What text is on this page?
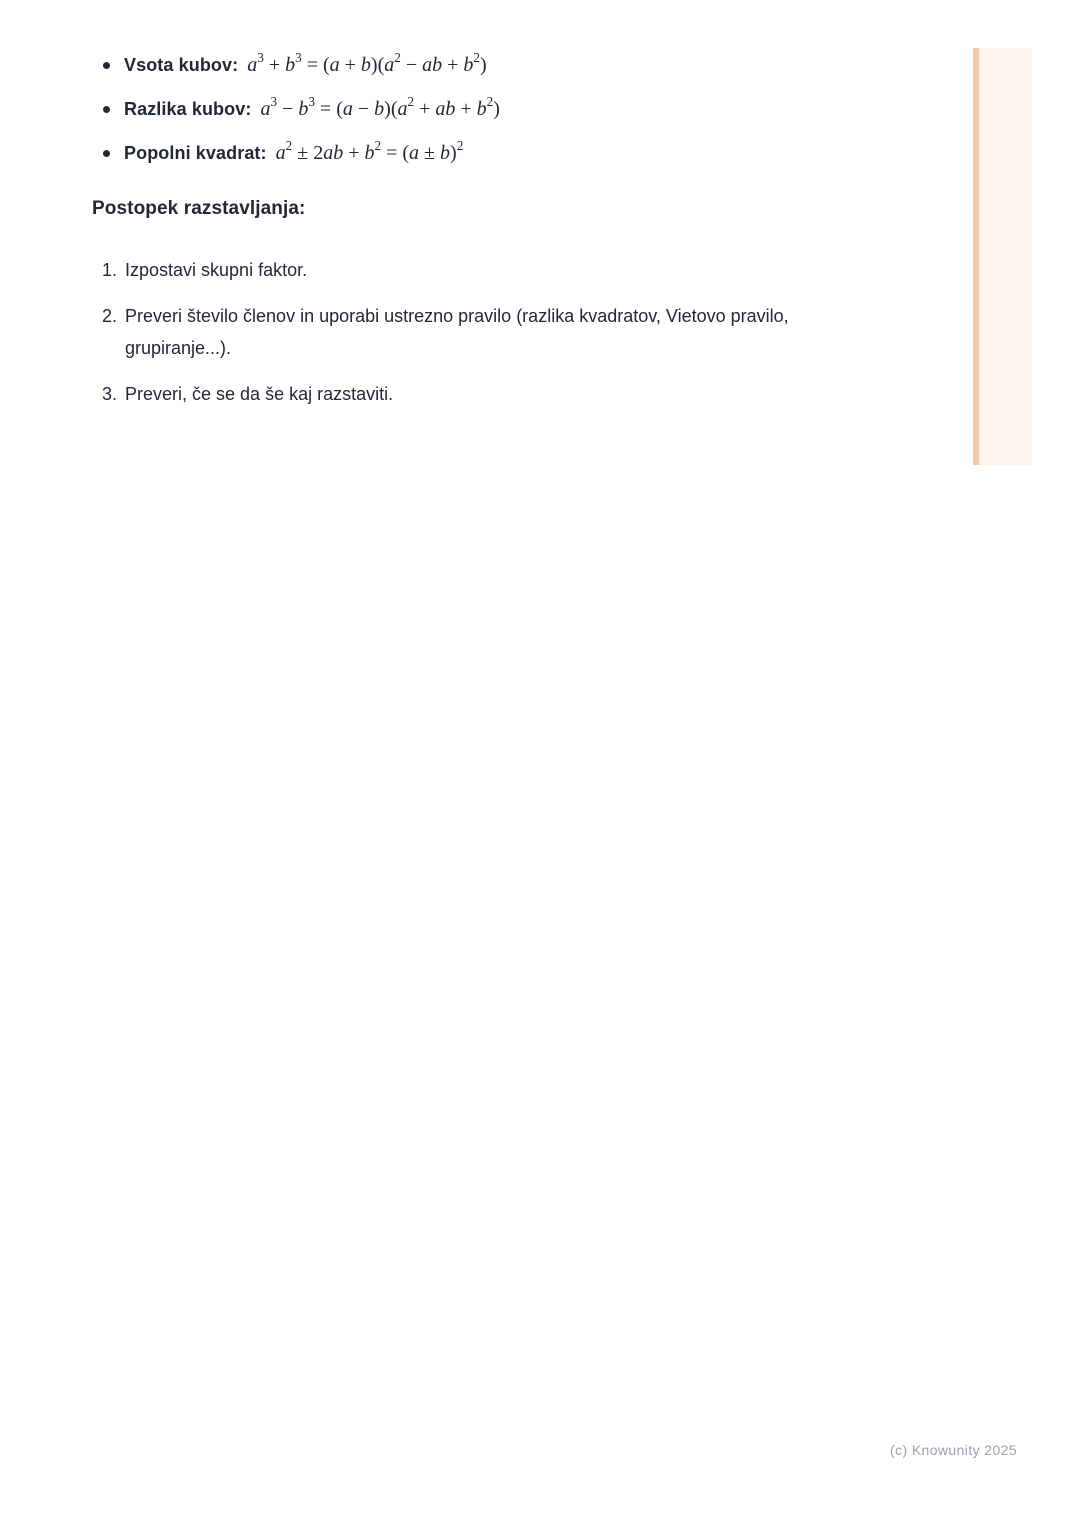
Vsota kubov: $a^3 + b^3 = (a + b)(a^2$ − ab + $b^2$)
Razlika kubov: $a^3 - b^3 = (a - b)(a^2$ + ab + $b^2$)
Popolni kvadrat: $a^2 \pm 2ab + b^2 = (a \pm b)^2$
Postopek razstavljanja:
1. Izpostavi skupni faktor.
2. Preveri število členov in uporabi ustrezno pravilo (razlika kvadratov, Vietovo pravilo, grupiranje...).
3. Preveri, če se da še kaj razstaviti.
(c) Knowunity 2025
